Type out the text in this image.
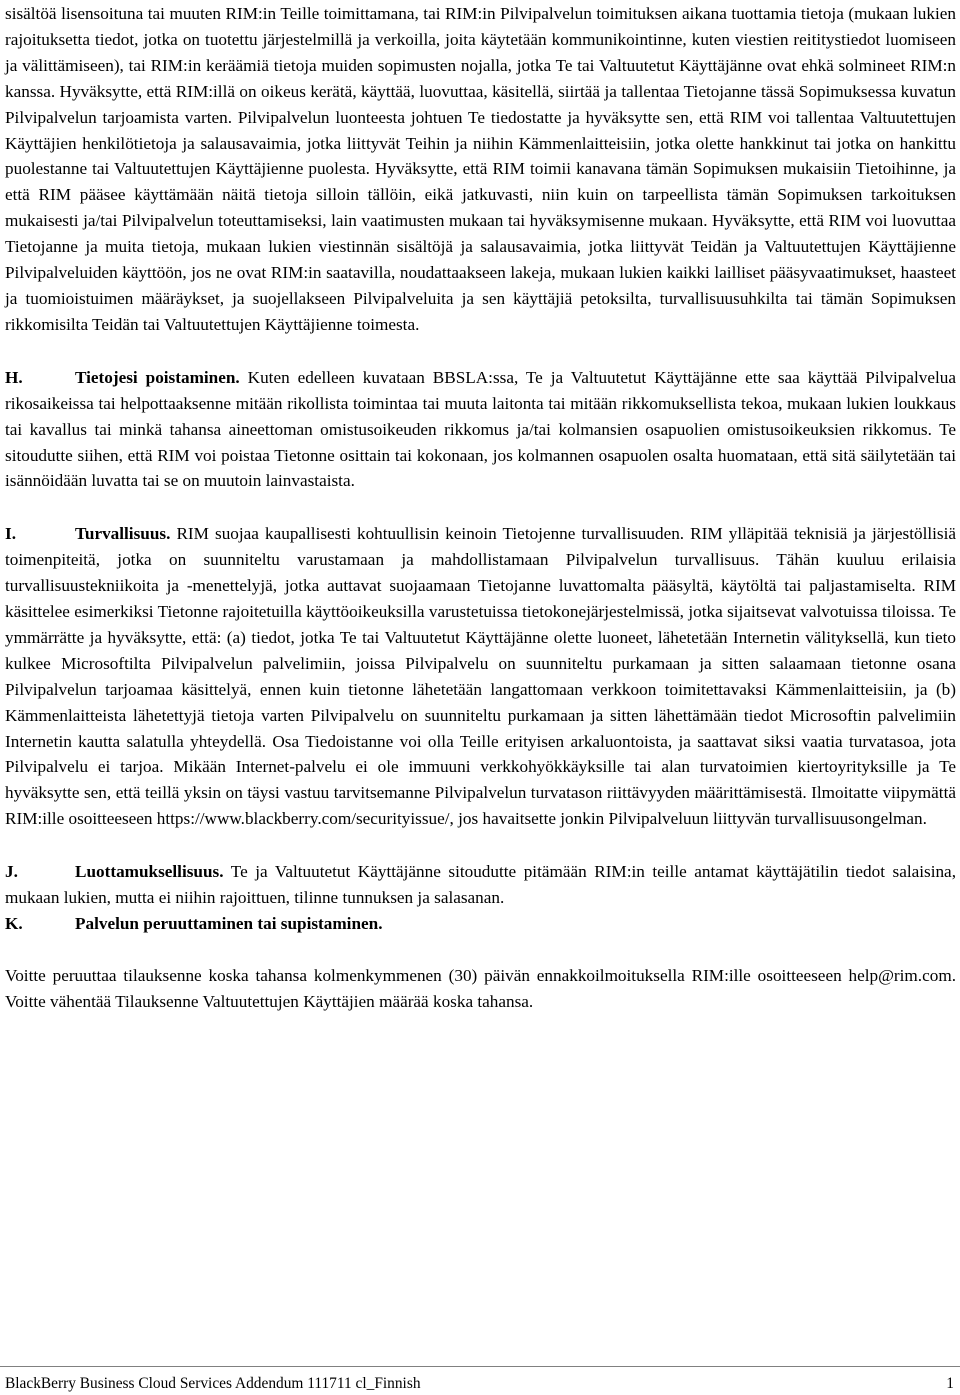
sisältöä lisensoituna tai muuten RIM:in Teille toimittamana, tai RIM:in Pilvipalvelun toimituksen aikana tuottamia tietoja (mukaan lukien rajoituksetta tiedot, jotka on tuotettu järjestelmillä ja verkoilla, joita käytetään kommunikointinne, kuten viestien reititystiedot luomiseen ja välittämiseen), tai RIM:in keräämiä tietoja muiden sopimusten nojalla, jotka Te tai Valtuutetut Käyttäjänne ovat ehkä solmineet RIM:n kanssa. Hyväksytte, että RIM:illä on oikeus kerätä, käyttää, luovuttaa, käsitellä, siirtää ja tallentaa Tietojanne tässä Sopimuksessa kuvatun Pilvipalvelun tarjoamista varten. Pilvipalvelun luonteesta johtuen Te tiedostatte ja hyväksytte sen, että RIM voi tallentaa Valtuutettujen Käyttäjien henkilötietoja ja salausavaimia, jotka liittyvät Teihin ja niihin Kämmenlaitteisiin, jotka olette hankkinut tai jotka on hankittu puolestanne tai Valtuutettujen Käyttäjienne puolesta. Hyväksytte, että RIM toimii kanavana tämän Sopimuksen mukaisiin Tietoihinne, ja että RIM pääsee käyttämään näitä tietoja silloin tällöin, eikä jatkuvasti, niin kuin on tarpeellista tämän Sopimuksen tarkoituksen mukaisesti ja/tai Pilvipalvelun toteuttamiseksi, lain vaatimusten mukaan tai hyväksymisenne mukaan. Hyväksytte, että RIM voi luovuttaa Tietojanne ja muita tietoja, mukaan lukien viestinnän sisältöjä ja salausavaimia, jotka liittyvät Teidän ja Valtuutettujen Käyttäjienne Pilvipalveluiden käyttöön, jos ne ovat RIM:in saatavilla, noudattaakseen lakeja, mukaan lukien kaikki lailliset pääsyvaatimukset, haasteet ja tuomioistuimen määräykset, ja suojellakseen Pilvipalveluita ja sen käyttäjiä petoksilta, turvallisuusuhkilta tai tämän Sopimuksen rikkomisilta Teidän tai Valtuutettujen Käyttäjienne toimesta.

H.	Tietojesi poistaminen. Kuten edelleen kuvataan BBSLA:ssa, Te ja Valtuutetut Käyttäjänne ette saa käyttää Pilvipalvelua rikosaikeissa tai helpottaaksenne mitään rikollista toimintaa tai muuta laitonta tai mitään rikkomuksellista tekoa, mukaan lukien loukkaus tai kavallus tai minkä tahansa aineettoman omistusoikeuden rikkomus ja/tai kolmansien osapuolien omistusoikeuksien rikkomus. Te sitoudutte siihen, että RIM voi poistaa Tietonne osittain tai kokonaan, jos kolmannen osapuolen osalta huomataan, että sitä säilytetään tai isännöidään luvatta tai se on muutoin lainvastaista.

I.	Turvallisuus. RIM suojaa kaupallisesti kohtuullisin keinoin Tietojenne turvallisuuden. RIM ylläpitää teknisiä ja järjestöllisiä toimenpiteitä, jotka on suunniteltu varustamaan ja mahdollistamaan Pilvipalvelun turvallisuus. Tähän kuuluu erilaisia turvallisuustekniikoita ja -menettelyjä, jotka auttavat suojaamaan Tietojanne luvattomalta pääsyltä, käytöltä tai paljastamiselta. RIM käsittelee esimerkiksi Tietonne rajoitetuilla käyttöoikeuksilla varustetuissa tietokonejärjestelmissä, jotka sijaitsevat valvotuissa tiloissa. Te ymmärrätte ja hyväksytte, että: (a) tiedot, jotka Te tai Valtuutetut Käyttäjänne olette luoneet, lähetetään Internetin välityksellä, kun tieto kulkee Microsoftilta Pilvipalvelun palvelimiin, joissa Pilvipalvelu on suunniteltu purkamaan ja sitten salaamaan tietonne osana Pilvipalvelun tarjoamaa käsittelyä, ennen kuin tietonne lähetetään langattomaan verkkoon toimitettavaksi Kämmenlaitteisiin, ja (b) Kämmenlaitteista lähetettyjä tietoja varten Pilvipalvelu on suunniteltu purkamaan ja sitten lähettämään tiedot Microsoftin palvelimiin Internetin kautta salatulla yhteydellä. Osa Tiedoistanne voi olla Teille erityisen arkaluontoista, ja saattavat siksi vaatia turvatasoa, jota Pilvipalvelu ei tarjoa. Mikään Internet-palvelu ei ole immuuni verkkohyökkäyksille tai alan turvatoimien kiertoyrityksille ja Te hyväksytte sen, että teillä yksin on täysi vastuu tarvitsemanne Pilvipalvelun turvatason riittävyyden määrittämisestä. Ilmoitatte viipymättä RIM:ille osoitteeseen https://www.blackberry.com/securityissue/, jos havaitsette jonkin Pilvipalveluun liittyvän turvallisuusongelman.

J.	Luottamuksellisuus. Te ja Valtuutetut Käyttäjänne sitoudutte pitämään RIM:in teille antamat käyttäjätilin tiedot salaisina, mukaan lukien, mutta ei niihin rajoittuen, tilinne tunnuksen ja salasanan.

K.	Palvelun peruuttaminen tai supistaminen.

Voitte peruuttaa tilauksenne koska tahansa kolmenkymmenen (30) päivän ennakkoilmoituksella RIM:ille osoitteeseen help@rim.com. Voitte vähentää Tilauksenne Valtuutettujen Käyttäjien määrää koska tahansa.

BlackBerry Business Cloud Services Addendum 111711 cl_Finnish	1
